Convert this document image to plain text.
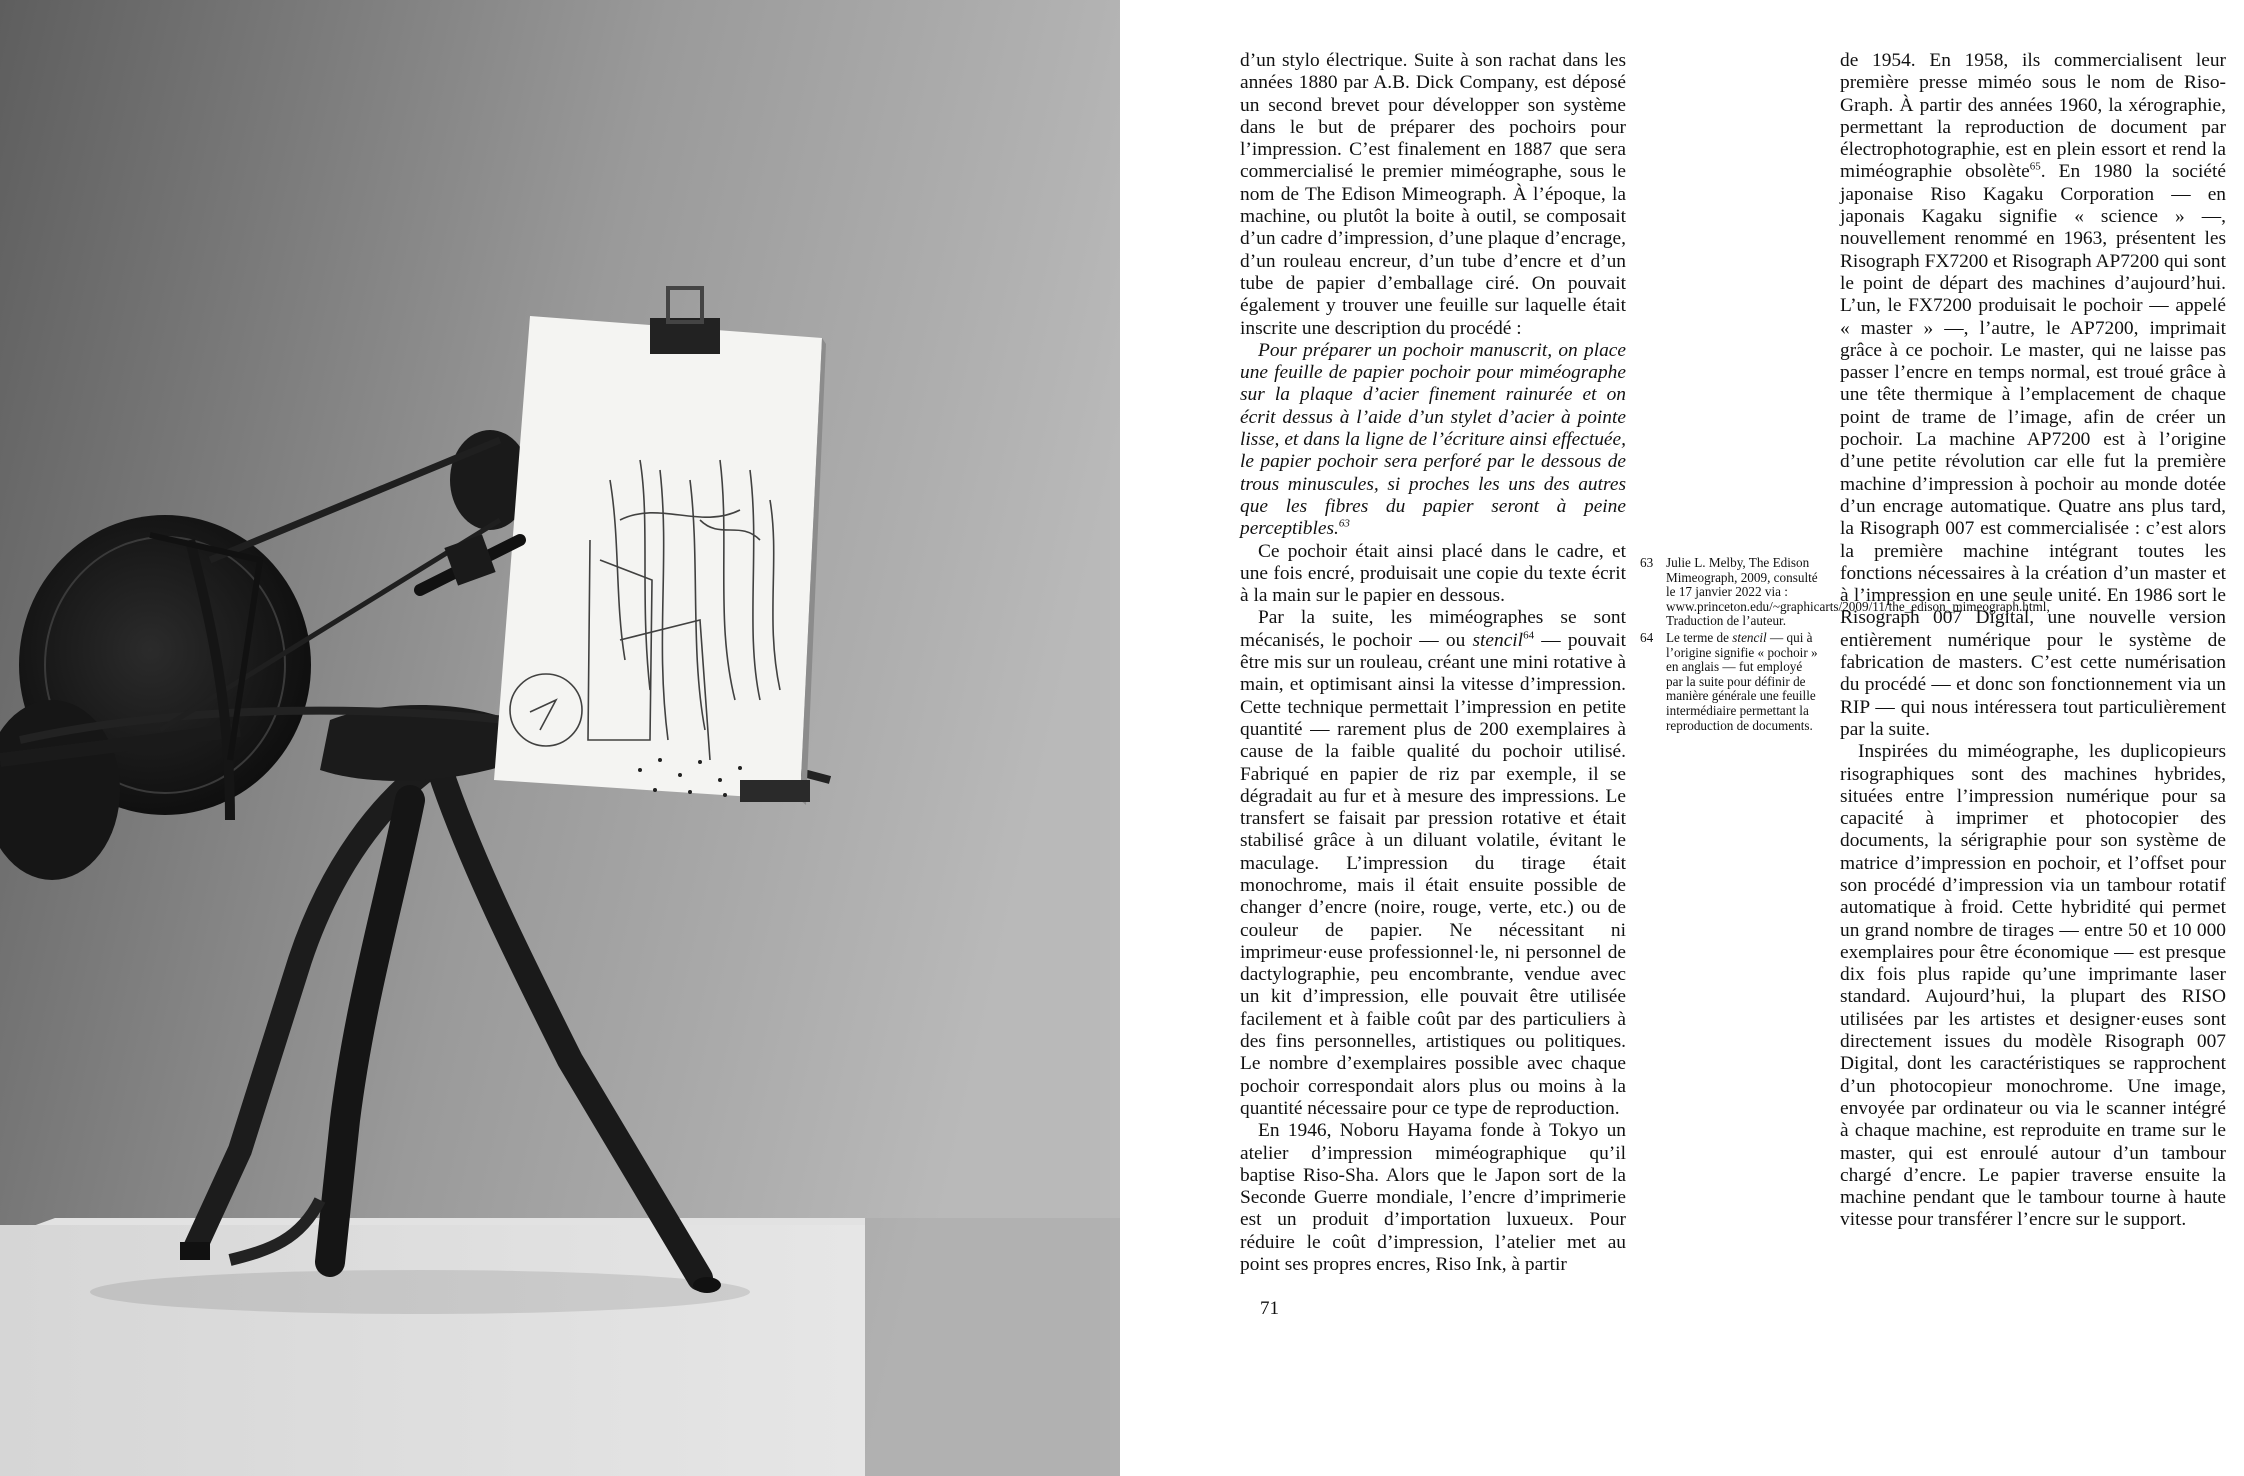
d’un stylo électrique. Suite à son rachat dans les années 1880 par A.B. Dick Company, est déposé un second brevet pour développer son système dans le but de préparer des pochoirs pour l’impression. C’est finalement en 1887 que sera commercialisé le premier miméographe, sous le nom de The Edison Mimeograph. À l’époque, la machine, ou plutôt la boite à outil, se composait d’un cadre d’impression, d’une plaque d’encrage, d’un rouleau encreur, d’un tube d’encre et d’un tube de papier d’emballage ciré. On pouvait également y trouver une feuille sur laquelle était inscrite une description du procédé :

Pour préparer un pochoir manuscrit, on place une feuille de papier pochoir pour miméographe sur la plaque d’acier finement rainurée et on écrit dessus à l’aide d’un stylet d’acier à pointe lisse, et dans la ligne de l’écriture ainsi effectuée, le papier pochoir sera perforé par le dessous de trous minuscules, si proches les uns des autres que les fibres du papier seront à peine perceptibles.$^{63}$

Ce pochoir était ainsi placé dans le cadre, et une fois encré, produisait une copie du texte écrit à la main sur le papier en dessous.

Par la suite, les miméographes se sont mécanisés, le pochoir — ou stencil$^{64}$ — pouvait être mis sur un rouleau, créant une mini rotative à main, et optimisant ainsi la vitesse d’impression. Cette technique permettait l’impression en petite quantité — rarement plus de 200 exemplaires à cause de la faible qualité du pochoir utilisé. Fabriqué en papier de riz par exemple, il se dégradait au fur et à mesure des impressions. Le transfert se faisait par pression rotative et était stabilisé grâce à un diluant volatile, évitant le maculage. L’impression du tirage était monochrome, mais il était ensuite possible de changer d’encre (noire, rouge, verte, etc.) ou de couleur de papier. Ne nécessitant ni imprimeur·euse professionnel·le, ni personnel de dactylographie, peu encombrante, vendue avec un kit d’impression, elle pouvait être utilisée facilement et à faible coût par des particuliers à des fins personnelles, artistiques ou politiques. Le nombre d’exemplaires possible avec chaque pochoir correspondait alors plus ou moins à la quantité nécessaire pour ce type de reproduction.

En 1946, Noboru Hayama fonde à Tokyo un atelier d’impression miméographique qu’il baptise Riso-Sha. Alors que le Japon sort de la Seconde Guerre mondiale, l’encre d’imprimerie est un produit d’importation luxueux. Pour réduire le coût d’impression, l’atelier met au point ses propres encres, Riso Ink, à partir

63 Julie L. Melby, The Edison Mimeograph, 2009, consulté le 17 janvier 2022 via : www.princeton.edu/~graphicarts/2009/11/the_edison_mimeograph.html, Traduction de l’auteur.
64 Le terme de stencil — qui à l’origine signifie « pochoir » en anglais — fut employé par la suite pour définir de manière générale une feuille intermédiaire permettant la reproduction de documents.

de 1954. En 1958, ils commercialisent leur première presse miméo sous le nom de Riso-Graph. À partir des années 1960, la xérographie, permettant la reproduction de document par électrophotographie, est en plein essort et rend la miméographie obsolète$^{65}$. En 1980 la société japonaise Riso Kagaku Corporation — en japonais Kagaku signifie « science » —, nouvellement renommé en 1963, présentent les Risograph FX7200 et Risograph AP7200 qui sont le point de départ des machines d’aujourd’hui. L’un, le FX7200 produisait le pochoir — appelé « master » —, l’autre, le AP7200, imprimait grâce à ce pochoir. Le master, qui ne laisse pas passer l’encre en temps normal, est troué grâce à une tête thermique à l’emplacement de chaque point de trame de l’image, afin de créer un pochoir. La machine AP7200 est à l’origine d’une petite révolution car elle fut la première machine d’impression à pochoir au monde dotée d’un encrage automatique. Quatre ans plus tard, la Risograph 007 est commercialisée : c’est alors la première machine intégrant toutes les fonctions nécessaires à la création d’un master et à l’impression en une seule unité. En 1986 sort le Risograph 007 Digital, une nouvelle version entièrement numérique pour le système de fabrication de masters. C’est cette numérisation du procédé — et donc son fonctionnement via un RIP — qui nous intéressera tout particulièrement par la suite.

Inspirées du miméographe, les duplicopieurs risographiques sont des machines hybrides, situées entre l’impression numérique pour sa capacité à imprimer et photocopier des documents, la sérigraphie pour son système de matrice d’impression en pochoir, et l’offset pour son procédé d’impression via un tambour rotatif automatique à froid. Cette hybridité qui permet un grand nombre de tirages — entre 50 et 10 000 exemplaires pour être économique — est presque dix fois plus rapide qu’une imprimante laser standard. Aujourd’hui, la plupart des RISO utilisées par les artistes et designer·euses sont directement issues du modèle Risograph 007 Digital, dont les caractéristiques se rapprochent d’un photocopieur monochrome. Une image, envoyée par ordinateur ou via le scanner intégré à chaque machine, est reproduite en trame sur le master, qui est enroulé autour d’un tambour chargé d’encre. Le papier traverse ensuite la machine pendant que le tambour tourne à haute vitesse pour transférer l’encre sur le support.

71
